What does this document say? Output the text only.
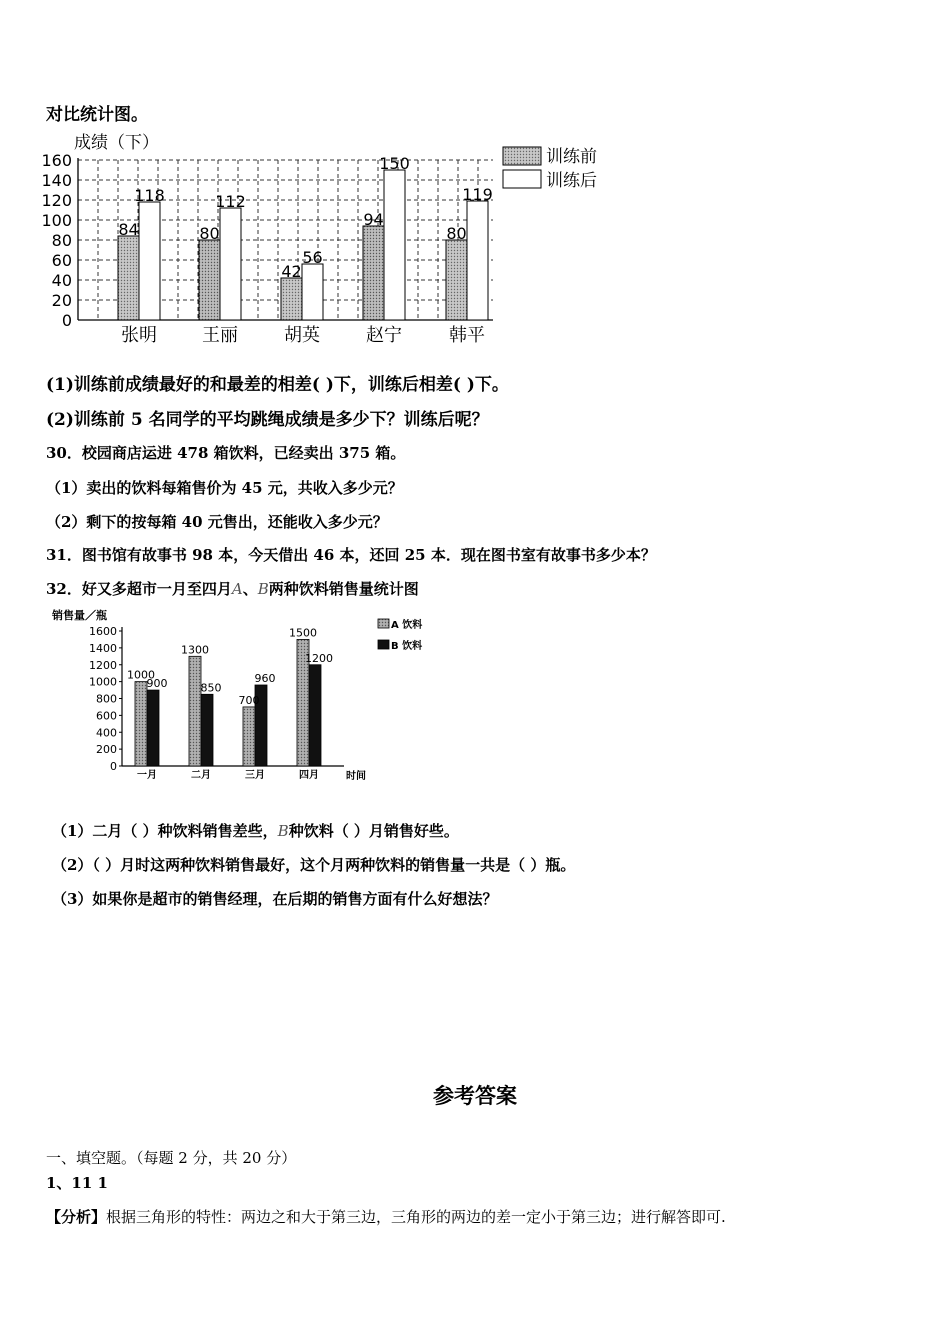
对比统计图。
0
20
40
60
80
100
120
140
160
84
118
张明
80
112
王丽
42
56
胡英
94
150
赵宁
80
119
韩平
成绩（下）
训练前
训练后
(1)训练前成绩最好的和最差的相差( )下，训练后相差( )下。
(2)训练前 5 名同学的平均跳绳成绩是多少下？训练后呢？
30．校园商店运进 478 箱饮料，已经卖出 375 箱。
（1）卖出的饮料每箱售价为 45 元，共收入多少元？
（2）剩下的按每箱 40 元售出，还能收入多少元？
31．图书馆有故事书 98 本，今天借出 46 本，还回 25 本．现在图书室有故事书多少本？
32．好又多超市一月至四月A、B两种饮料销售量统计图
0
200
400
600
800
1000
1200
1400
1600
1000
900
一月
1300
850
二月
700
960
三月
1500
1200
四月
销售量／瓶
时间
A 饮料
B 饮料
（1）二月（ ）种饮料销售差些，B种饮料（ ）月销售好些。
（2）（ ）月时这两种饮料销售最好，这个月两种饮料的销售量一共是（ ）瓶。
（3）如果你是超市的销售经理，在后期的销售方面有什么好想法？
参考答案
一、填空题。（每题 2 分，共 20 分）
1、11 1
【分析】根据三角形的特性：两边之和大于第三边，三角形的两边的差一定小于第三边；进行解答即可.
